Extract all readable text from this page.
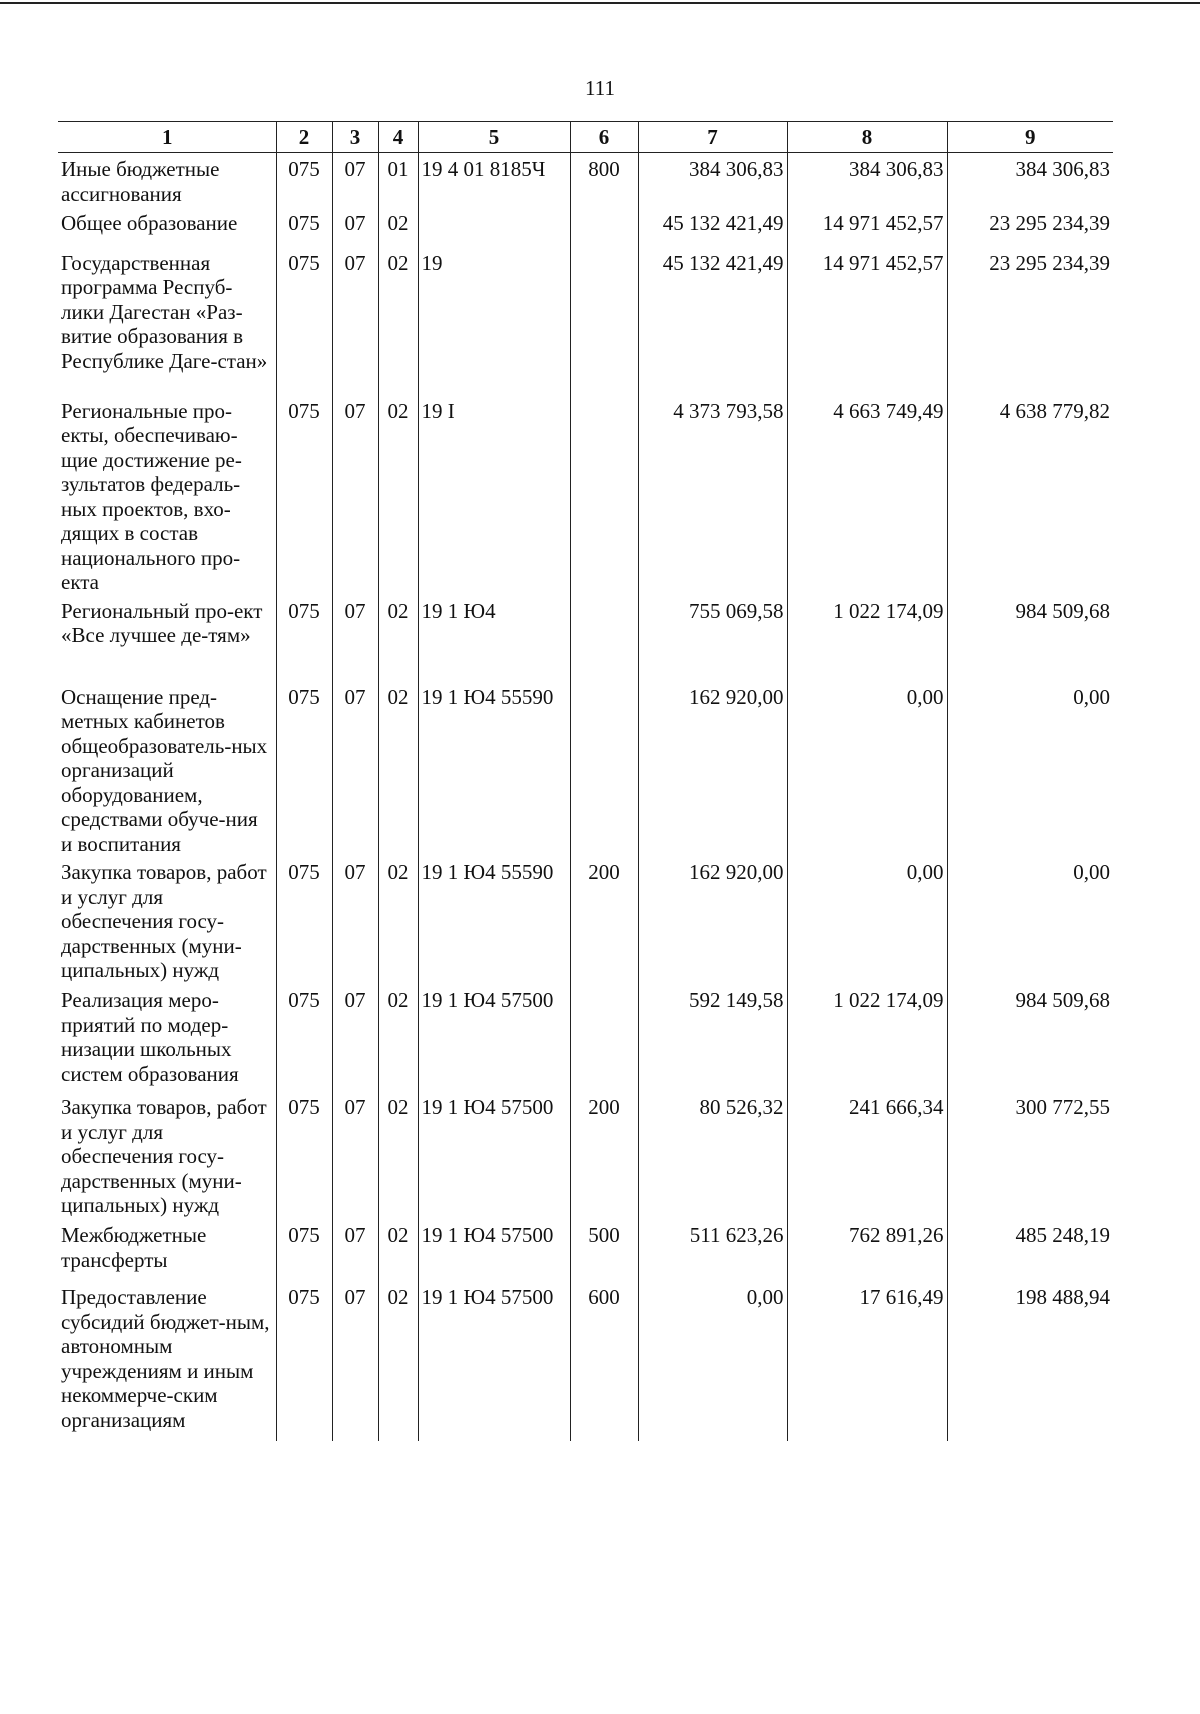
111
1	2	3	4	5	6	7	8	9
Иные бюджетные ассигнования	075	07	01	19 4 01 8185Ч	800	384 306,83	384 306,83	384 306,83
Общее образование	075	07	02			45 132 421,49	14 971 452,57	23 295 234,39
Государственная программа Респуб-лики Дагестан «Раз-витие образования в Республике Даге-стан»	075	07	02	19		45 132 421,49	14 971 452,57	23 295 234,39
Региональные про-екты, обеспечиваю-щие достижение ре-зультатов федераль-ных проектов, вхо-дящих в состав национального про-екта	075	07	02	19 I		4 373 793,58	4 663 749,49	4 638 779,82
Региональный про-ект «Все лучшее де-тям»	075	07	02	19 1 Ю4		755 069,58	1 022 174,09	984 509,68
Оснащение пред-метных кабинетов общеобразователь-ных организаций оборудованием, средствами обуче-ния и воспитания	075	07	02	19 1 Ю4 55590		162 920,00	0,00	0,00
Закупка товаров, работ и услуг для обеспечения госу-дарственных (муни-ципальных) нужд	075	07	02	19 1 Ю4 55590	200	162 920,00	0,00	0,00
Реализация меро-приятий по модер-низации школьных систем образования	075	07	02	19 1 Ю4 57500		592 149,58	1 022 174,09	984 509,68
Закупка товаров, работ и услуг для обеспечения госу-дарственных (муни-ципальных) нужд	075	07	02	19 1 Ю4 57500	200	80 526,32	241 666,34	300 772,55
Межбюджетные трансферты	075	07	02	19 1 Ю4 57500	500	511 623,26	762 891,26	485 248,19
Предоставление субсидий бюджет-ным, автономным учреждениям и иным некоммерче-ским организациям	075	07	02	19 1 Ю4 57500	600	0,00	17 616,49	198 488,94
